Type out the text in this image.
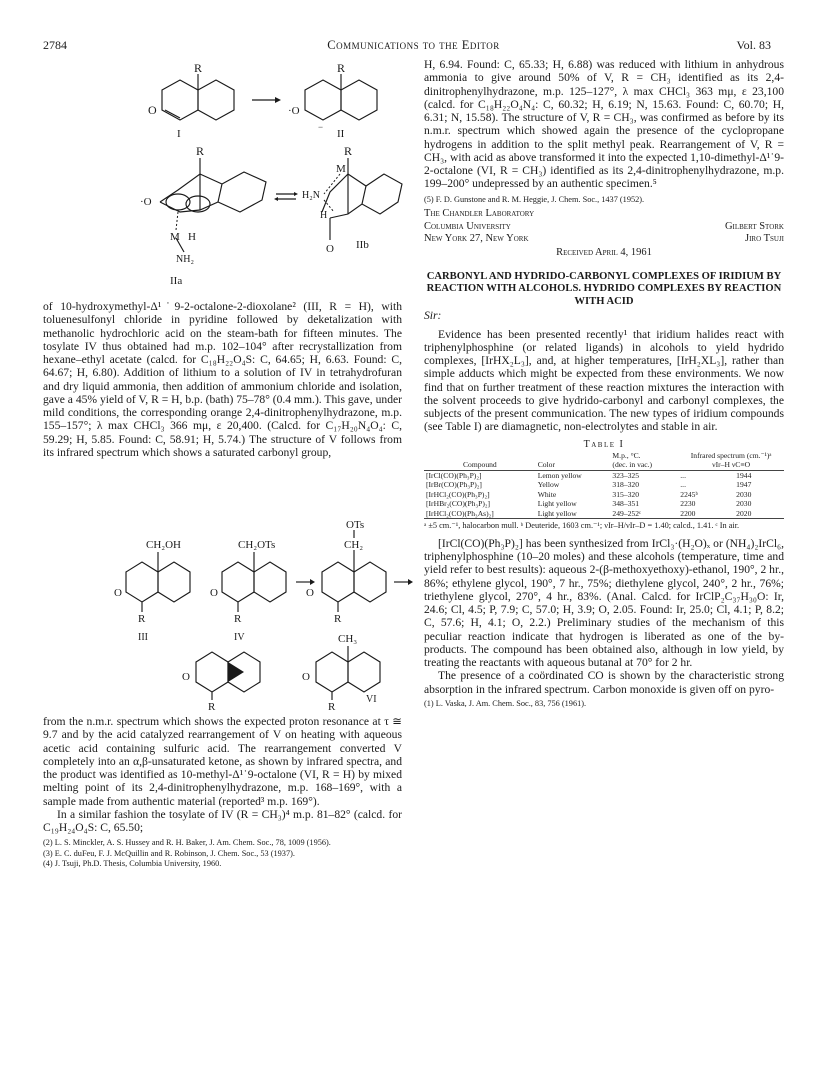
2784	Communications to the Editor	Vol. 83
R
O
I
R
·O
−
II
R
·O
M H
NH₂
IIa
R
M
H₂N
H
O IIb

of 10-hydroxymethyl-Δ¹˙9-2-octalone-2-dioxolane² (III, R = H), with toluenesulfonyl chloride in pyridine followed by deketalization with methanolic hydrochloric acid on the steam-bath for fifteen minutes. The tosylate IV thus obtained had m.p. 102–104° after recrystallization from hexane–ethyl acetate (calcd. for C₁₈H₂₂O₄S: C, 64.65; H, 6.63. Found: C, 64.67; H, 6.80). Addition of lithium to a solution of IV in tetrahydrofuran and dry liquid ammonia, then addition of ammonium chloride and isolation, gave a 45% yield of V, R = H, b.p. (bath) 75–78° (0.4 mm.). This gave, under mild conditions, the corresponding orange 2,4-dinitrophenylhydrazone, m.p. 155–157°; λ max CHCl₃ 366 mμ, ε 20,400. (Calcd. for C₁₇H₂₀N₄O₄: C, 59.29; H, 5.85. Found: C, 58.91; H, 5.74.) The structure of V follows from its infrared spectrum which shows a saturated carbonyl group,

CH₂OH
O
R
III
CH₂OTs
O
R
IV
OTs
CH₂
O
R
O
R
CH₃
O
R
VI

from the n.m.r. spectrum which shows the expected proton resonance at τ ≅ 9.7 and by the acid catalyzed rearrangement of V on heating with aqueous acetic acid containing sulfuric acid. The rearrangement converted V completely into an α,β-unsaturated ketone, as shown by infrared spectra, and the product was identified as 10-methyl-Δ¹˙9-octalone (VI, R = H) by mixed melting point of its 2,4-dinitrophenylhydrazone, m.p. 168–169°, with a sample made from authentic material (reported³ m.p. 169°).

In a similar fashion the tosylate of IV (R = CH₃)⁴ m.p. 81–82° (calcd. for C₁₉H₂₄O₄S: C, 65.50;

(2) L. S. Minckler, A. S. Hussey and R. H. Baker, J. Am. Chem. Soc., 78, 1009 (1956).

(3) E. C. duFeu, F. J. McQuillin and R. Robinson, J. Chem. Soc., 53 (1937).

(4) J. Tsuji, Ph.D. Thesis, Columbia University, 1960.

H, 6.94. Found: C, 65.33; H, 6.88) was reduced with lithium in anhydrous ammonia to give around 50% of V, R = CH₃ identified as its 2,4-dinitrophenylhydrazone, m.p. 125–127°, λ max CHCl₃ 363 mμ, ε 23,100 (calcd. for C₁₈H₂₂O₄N₄: C, 60.32; H, 6.19; N, 15.63. Found: C, 60.70; H, 6.31; N, 15.58). The structure of V, R = CH₃, was confirmed as before by its n.m.r. spectrum which showed again the presence of the cyclopropane hydrogens in addition to the split methyl peak. Rearrangement of V, R = CH₃, with acid as above transformed it into the expected 1,10-dimethyl-Δ¹˙9-2-octalone (VI, R = CH₃) identified as its 2,4-dinitrophenylhydrazone, m.p. 199–200° undepressed by an authentic specimen.⁵

(5) F. D. Gunstone and R. M. Heggie, J. Chem. Soc., 1437 (1952).

The Chandler Laboratory
Columbia University	Gilbert Stork
New York 27, New York	Jiro Tsuji
Received April 4, 1961

CARBONYL AND HYDRIDO-CARBONYL COMPLEXES OF IRIDIUM BY REACTION WITH ALCOHOLS. HYDRIDO COMPLEXES BY REACTION WITH ACID

Sir:

Evidence has been presented recently¹ that iridium halides react with triphenylphosphine (or related ligands) in alcohols to yield hydrido complexes, [IrHX₂L₃], and, at higher temperatures, [IrH₂XL₃], rather than simple adducts which might be expected from these environments. We now find that on further treatment of these reaction mixtures the interaction with the solvent proceeds to give hydrido-carbonyl and carbonyl complexes, the subjects of the present communication. The new types of iridium compounds (see Table I) are diamagnetic, non-electrolytes and stable in air.

Table I
Compound	Color	M.p., °C.
(dec. in vac.)	Infrared spectrum (cm.⁻¹)ᵃ
νIr–H νC≡O	
[IrCl(CO)(Ph₃P)₂]	Lemon yellow	323–325	...	1944
[IrBr(CO)(Ph₃P)₂]	Yellow	318–320	...	1947
[IrHCl₂(CO)(Ph₃P)₂]	White	315–320	2245ᵇ	2030
[IrHBr₂(CO)(Ph₃P)₂]	Light yellow	348–351	2230	2030
[IrHCl₂(CO)(Ph₃As)₂]	Light yellow	249–252ᶜ	2200	2020

ᵃ ±5 cm.⁻¹, halocarbon mull. ᵇ Deuteride, 1603 cm.⁻¹; νIr–H/νIr–D = 1.40; calcd., 1.41. ᶜ In air.

[IrCl(CO)(Ph₃P)₂] has been synthesized from IrCl₃·(H₂O)ₓ or (NH₄)₂IrCl₆, triphenylphosphine (10–20 moles) and these alcohols (temperature, time and yield refer to best results): aqueous 2-(β-methoxyethoxy)-ethanol, 190°, 2 hr., 86%; ethylene glycol, 190°, 7 hr., 75%; diethylene glycol, 240°, 2 hr., 76%; triethylene glycol, 270°, 4 hr., 83%. (Anal. Calcd. for IrClP₂C₃₇H₃₀O: Ir, 24.6; Cl, 4.5; P, 7.9; C, 57.0; H, 3.9; O, 2.05. Found: Ir, 25.0; Cl, 4.1; P, 8.2; C, 57.6; H, 4.1; O, 2.2.) Preliminary studies of the mechanism of this peculiar reaction indicate that hydrogen is liberated as one of the by-products. The compound has been obtained also, although in low yield, by treating the reactants with aqueous butanal at 70° for 2 hr.

The presence of a coördinated CO is shown by the characteristic strong absorption in the infrared spectrum. Carbon monoxide is given off on pyro-

(1) L. Vaska, J. Am. Chem. Soc., 83, 756 (1961).
